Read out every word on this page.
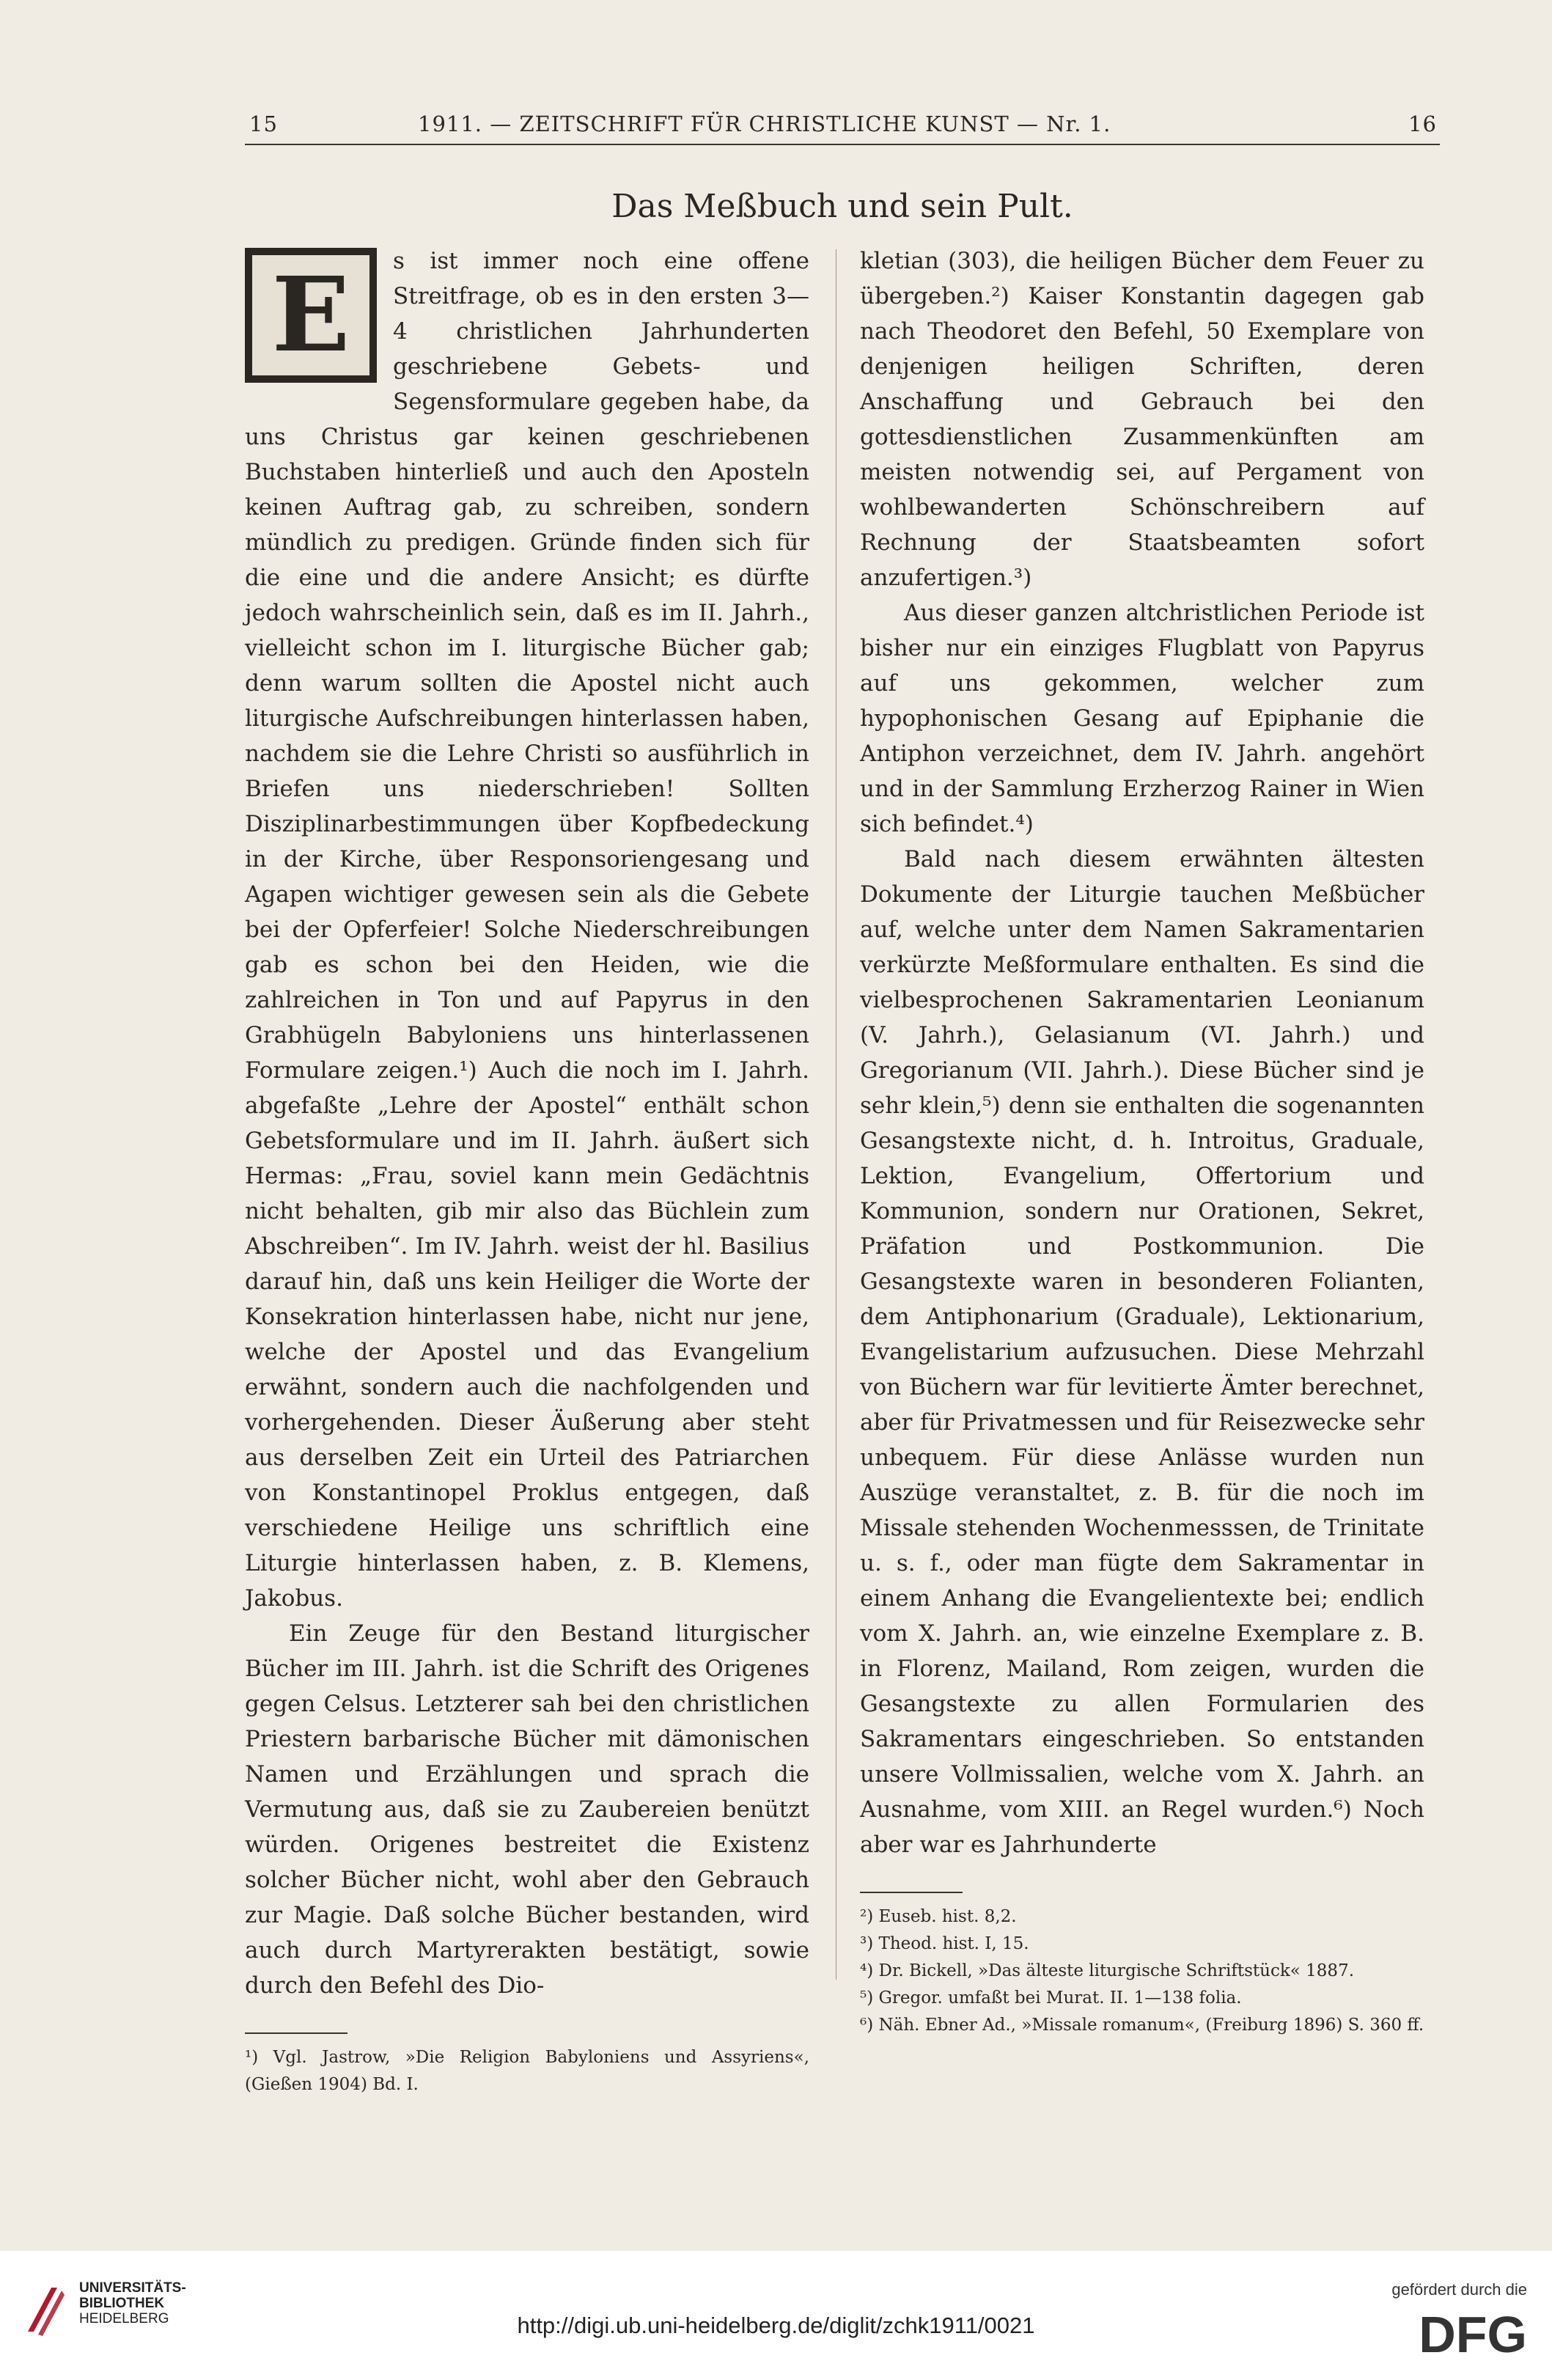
15	1911. — ZEITSCHRIFT FÜR CHRISTLICHE KUNST — Nr. 1.	16
Das Meßbuch und sein Pult.
E	s ist immer noch eine offene Streitfrage, ob es in den ersten 3—4 christlichen Jahrhunderten geschriebene Gebets- und Segensformulare gegeben habe, da uns Christus gar keinen geschriebenen Buchstaben hinterließ und auch den Aposteln keinen Auftrag gab, zu schreiben, sondern mündlich zu predigen. Gründe finden sich für die eine und die andere Ansicht; es dürfte jedoch wahrscheinlich sein, daß es im II. Jahrh., vielleicht schon im I. liturgische Bücher gab; denn warum sollten die Apostel nicht auch liturgische Aufschreibungen hinterlassen haben, nachdem sie die Lehre Christi so ausführlich in Briefen uns niederschrieben! Sollten Disziplinarbestimmungen über Kopfbedeckung in der Kirche, über Responsoriengesang und Agapen wichtiger gewesen sein als die Gebete bei der Opferfeier! Solche Niederschreibungen gab es schon bei den Heiden, wie die zahlreichen in Ton und auf Papyrus in den Grabhügeln Babyloniens uns hinterlassenen Formulare zeigen.¹) Auch die noch im I. Jahrh. abgefaßte „Lehre der Apostel“ enthält schon Gebetsformulare und im II. Jahrh. äußert sich Hermas: „Frau, soviel kann mein Gedächtnis nicht behalten, gib mir also das Büchlein zum Abschreiben“. Im IV. Jahrh. weist der hl. Basilius darauf hin, daß uns kein Heiliger die Worte der Konsekration hinterlassen habe, nicht nur jene, welche der Apostel und das Evangelium erwähnt, sondern auch die nachfolgenden und vorhergehenden. Dieser Äußerung aber steht aus derselben Zeit ein Urteil des Patriarchen von Konstantinopel Proklus entgegen, daß verschiedene Heilige uns schriftlich eine Liturgie hinterlassen haben, z. B. Klemens, Jakobus.

Ein Zeuge für den Bestand liturgischer Bücher im III. Jahrh. ist die Schrift des Origenes gegen Celsus. Letzterer sah bei den christlichen Priestern barbarische Bücher mit dämonischen Namen und Erzählungen und sprach die Vermutung aus, daß sie zu Zaubereien benützt würden. Origenes bestreitet die Existenz solcher Bücher nicht, wohl aber den Gebrauch zur Magie. Daß solche Bücher bestanden, wird auch durch Martyrerakten bestätigt, sowie durch den Befehl des Dio-

¹) Vgl. Jastrow, »Die Religion Babyloniens und Assyriens«, (Gießen 1904) Bd. I.

kletian (303), die heiligen Bücher dem Feuer zu übergeben.²) Kaiser Konstantin dagegen gab nach Theodoret den Befehl, 50 Exemplare von denjenigen heiligen Schriften, deren Anschaffung und Gebrauch bei den gottesdienstlichen Zusammenkünften am meisten notwendig sei, auf Pergament von wohlbewanderten Schönschreibern auf Rechnung der Staatsbeamten sofort anzufertigen.³)

Aus dieser ganzen altchristlichen Periode ist bisher nur ein einziges Flugblatt von Papyrus auf uns gekommen, welcher zum hypophonischen Gesang auf Epiphanie die Antiphon verzeichnet, dem IV. Jahrh. angehört und in der Sammlung Erzherzog Rainer in Wien sich befindet.⁴)

Bald nach diesem erwähnten ältesten Dokumente der Liturgie tauchen Meßbücher auf, welche unter dem Namen Sakramentarien verkürzte Meßformulare enthalten. Es sind die vielbesprochenen Sakramentarien Leonianum (V. Jahrh.), Gelasianum (VI. Jahrh.) und Gregorianum (VII. Jahrh.). Diese Bücher sind je sehr klein,⁵) denn sie enthalten die sogenannten Gesangstexte nicht, d. h. Introitus, Graduale, Lektion, Evangelium, Offertorium und Kommunion, sondern nur Orationen, Sekret, Präfation und Postkommunion. Die Gesangstexte waren in besonderen Folianten, dem Antiphonarium (Graduale), Lektionarium, Evangelistarium aufzusuchen. Diese Mehrzahl von Büchern war für levitierte Ämter berechnet, aber für Privatmessen und für Reisezwecke sehr unbequem. Für diese Anlässe wurden nun Auszüge veranstaltet, z. B. für die noch im Missale stehenden Wochenmesssen, de Trinitate u. s. f., oder man fügte dem Sakramentar in einem Anhang die Evangelientexte bei; endlich vom X. Jahrh. an, wie einzelne Exemplare z. B. in Florenz, Mailand, Rom zeigen, wurden die Gesangstexte zu allen Formularien des Sakramentars eingeschrieben. So entstanden unsere Vollmissalien, welche vom X. Jahrh. an Ausnahme, vom XIII. an Regel wurden.⁶) Noch aber war es Jahrhunderte

²) Euseb. hist. 8,2.

³) Theod. hist. I, 15.

⁴) Dr. Bickell, »Das älteste liturgische Schriftstück« 1887.

⁵) Gregor. umfaßt bei Murat. II. 1—138 folia.

⁶) Näh. Ebner Ad., »Missale romanum«, (Freiburg 1896) S. 360 ff.

UNIVERSITÄTS-
BIBLIOTHEK
HEIDELBERG	http://digi.ub.uni-heidelberg.de/diglit/zchk1911/0021
gefördert durch die
DFG
